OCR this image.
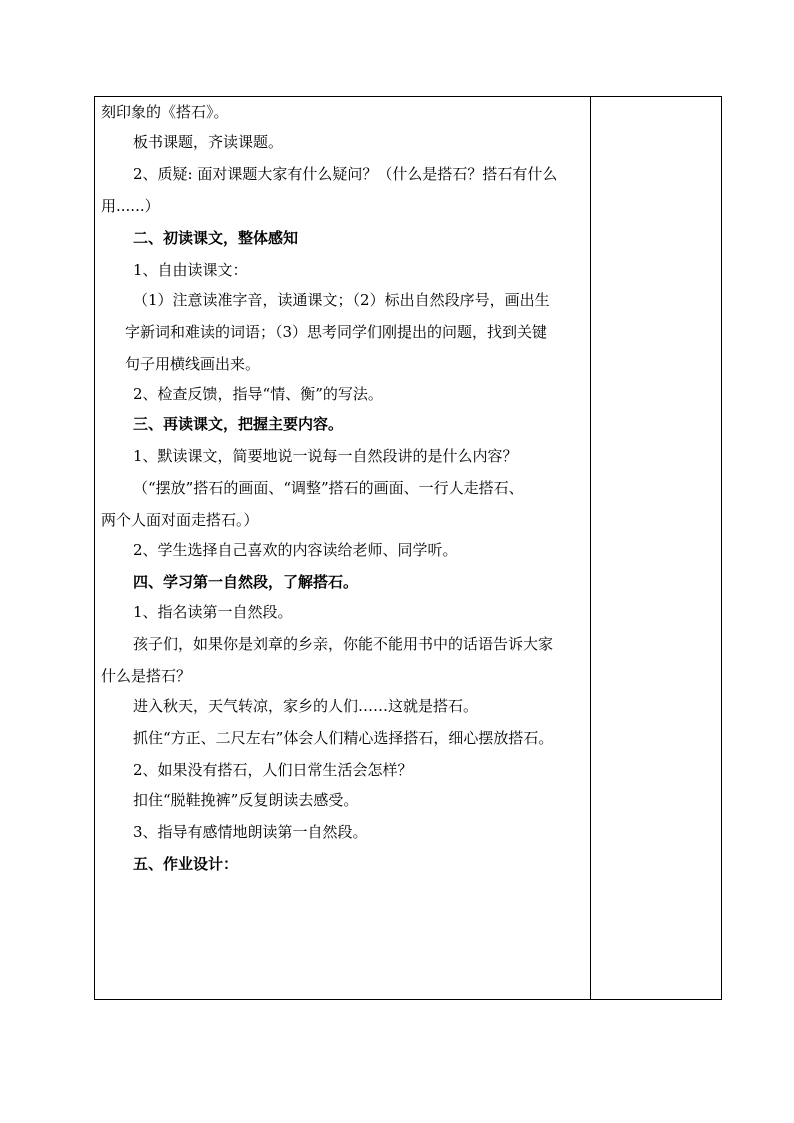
刻印象的《搭石》。
板书课题，齐读课题。
2、质疑: 面对课题大家有什么疑问？（什么是搭石？搭石有什么
用......）
二、初读课文，整体感知
1、自由读课文：
（1）注意读准字音，读通课文；（2）标出自然段序号，画出生
字新词和难读的词语；（3）思考同学们刚提出的问题，找到关键
句子用横线画出来。
2、检查反馈，指导“情、衡”的写法。
三、再读课文，把握主要内容。
1、默读课文，简要地说一说每一自然段讲的是什么内容？
（“摆放”搭石的画面、“调整”搭石的画面、一行人走搭石、
两个人面对面走搭石。）
2、学生选择自己喜欢的内容读给老师、同学听。
四、学习第一自然段，了解搭石。
1、指名读第一自然段。
孩子们，如果你是刘章的乡亲，你能不能用书中的话语告诉大家
什么是搭石？
进入秋天，天气转凉，家乡的人们……这就是搭石。
抓住“方正、二尺左右”体会人们精心选择搭石，细心摆放搭石。
2、如果没有搭石，人们日常生活会怎样？
扣住“脱鞋挽裤”反复朗读去感受。
3、指导有感情地朗读第一自然段。
五、作业设计：
